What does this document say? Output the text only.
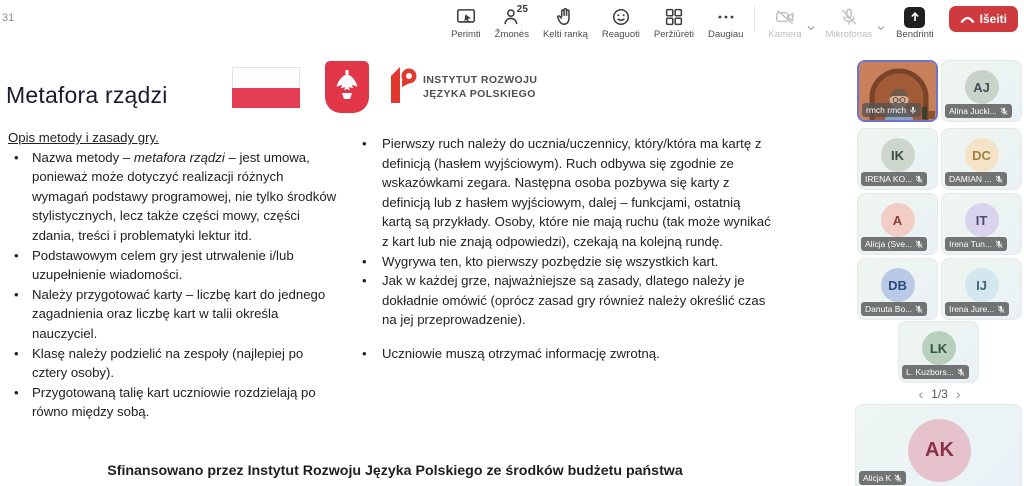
31
Perimti
25
Žmonės Kelti ranką Reaguoti Peržiūrėti Daugiau	Kamera	Mikrofonas	Bendrinti
Išeiti
Metafora rządzi
INSTYTUT ROZWOJU
JĘZYKA POLSKIEGO
Opis metody i zasady gry.
•	Nazwa metody – metafora rządzi – jest umowa, ponieważ może dotyczyć realizacji różnych wymagań podstawy programowej, nie tylko środków stylistycznych, lecz także części mowy, części zdania, treści i problematyki lektur itd.
•	Podstawowym celem gry jest utrwalenie i/lub uzupełnienie wiadomości.
•	Należy przygotować karty – liczbę kart do jednego zagadnienia oraz liczbę kart w talii określa nauczyciel.
•	Klasę należy podzielić na zespoły (najlepiej po cztery osoby).
•	Przygotowaną talię kart uczniowie rozdzielają po równo między sobą.
•	Pierwszy ruch należy do ucznia/uczennicy, który/która ma kartę z definicją (hasłem wyjściowym). Ruch odbywa się zgodnie ze wskazówkami zegara. Następna osoba pozbywa się karty z definicją lub z hasłem wyjściowym, dalej – funkcjami, ostatnią kartą są przykłady. Osoby, które nie mają ruchu (tak może wynikać
z kart lub nie znają odpowiedzi), czekają na kolejną rundę.
•	Wygrywa ten, kto pierwszy pozbędzie się wszystkich kart.
•	Jak w każdej grze, najważniejsze są zasady, dlatego należy je dokładnie omówić (oprócz zasad gry również należy określić czas na jej przeprowadzenie).
•	Uczniowie muszą otrzymać informację zwrotną.
Sfinansowano przez Instytut Rozwoju Języka Polskiego ze środków budżetu państwa
rmch rmch
AJ
Alina Jucki...
IK
IRENA KO...
DC
DAMIAN ...
A
Alicja (Sve...
IT
Irena Tun...
DB
Danuta Bo...
IJ
Irena Jure...
LK
L. Kuzbors...
‹ 1/3 ›
AK
Alicja K
